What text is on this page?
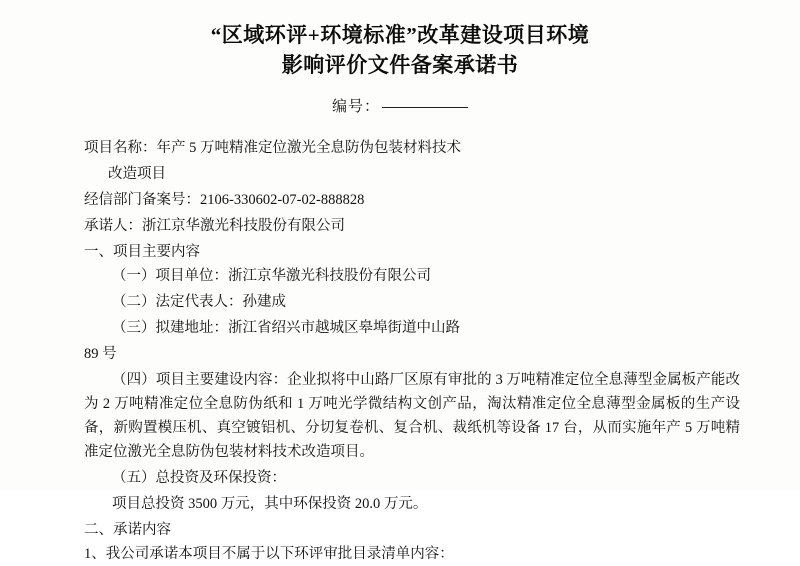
“区域环评+环境标准”改革建设项目环境
影响评价文件备案承诺书
编号：
项目名称：年产 5 万吨精准定位激光全息防伪包装材料技术
改造项目
经信部门备案号：2106-330602-07-02-888828
承诺人：浙江京华激光科技股份有限公司
一、项目主要内容
（一）项目单位：浙江京华激光科技股份有限公司
（二）法定代表人：孙建成
（三）拟建地址：浙江省绍兴市越城区皋埠街道中山路
89 号
（四）项目主要建设内容：企业拟将中山路厂区原有审批的 3 万吨精准定位全息薄型金属板产能改为 2 万吨精准定位全息防伪纸和 1 万吨光学微结构文创产品，淘汰精准定位全息薄型金属板的生产设备，新购置模压机、真空镀铝机、分切复卷机、复合机、裁纸机等设备 17 台，从而实施年产 5 万吨精准定位激光全息防伪包装材料技术改造项目。
（五）总投资及环保投资：
项目总投资 3500 万元，其中环保投资 20.0 万元。
二、承诺内容
1、我公司承诺本项目不属于以下环评审批目录清单内容：
